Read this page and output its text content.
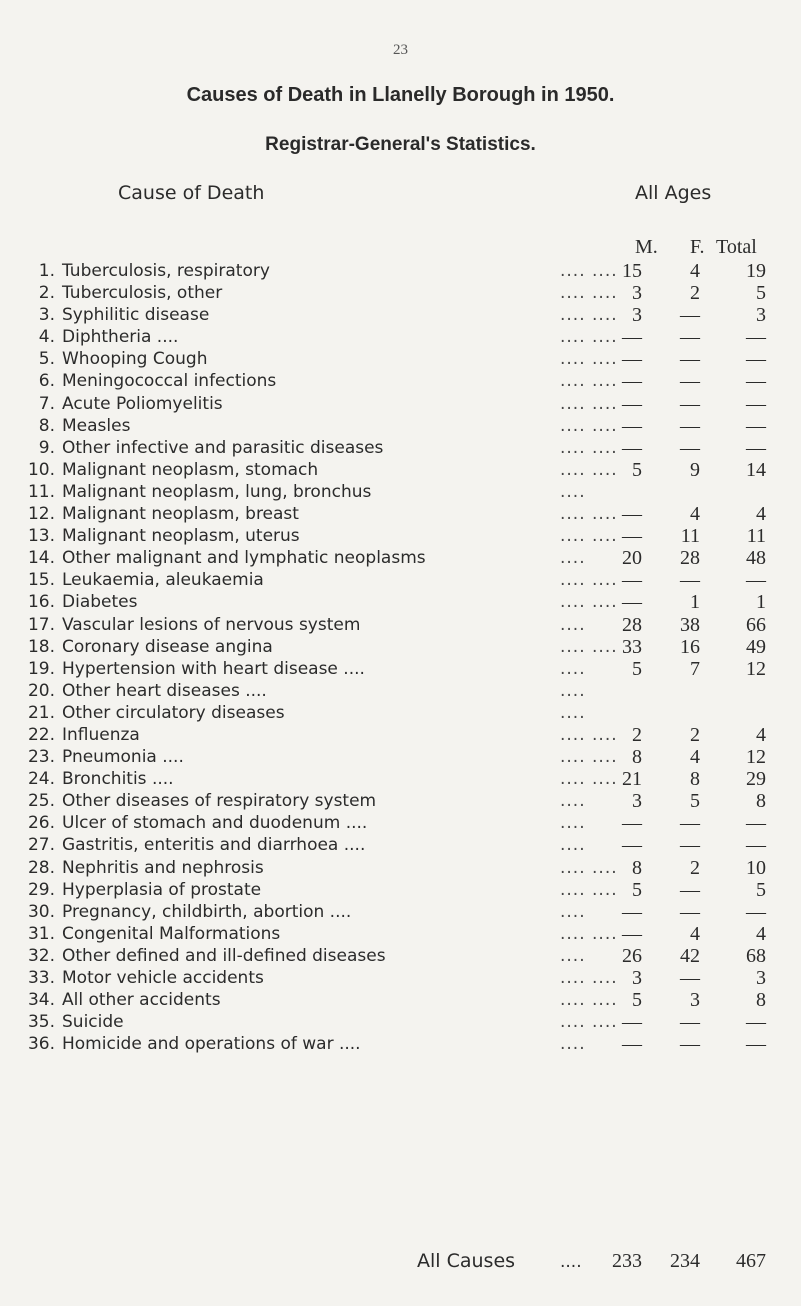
23
Causes of Death in Llanelly Borough in 1950.
Registrar-General's Statistics.
Cause of Death	All Ages
M. F. Total
1. Tuberculosis, respiratory	.... .... 15	4	19
2. Tuberculosis, other	.... .... 3	2	5
3. Syphilitic disease	.... .... 3	—	3
4. Diphtheria ....	.... .... —	—	—
5. Whooping Cough	.... .... —	—	—
6. Meningococcal infections	.... .... —	—	—
7. Acute Poliomyelitis	.... .... —	—	—
8. Measles	.... .... —	—	—
9. Other infective and parasitic diseases	.... .... —	—	—
10. Malignant neoplasm, stomach	.... .... 5	9	14
11. Malignant neoplasm, lung, bronchus	....
12. Malignant neoplasm, breast	.... .... —	4	4
13. Malignant neoplasm, uterus	.... .... —	11	11
14. Other malignant and lymphatic neoplasms	....	20	28	48
15. Leukaemia, aleukaemia	.... .... —	—	—
16. Diabetes	.... .... —	1	1
17. Vascular lesions of nervous system	....	28	38	66
18. Coronary disease angina	.... .... 33	16	49
19. Hypertension with heart disease ....	....	5	7	12
20. Other heart diseases ....	....
21. Other circulatory diseases	....
22. Influenza	.... .... 2	2	4
23. Pneumonia ....	.... .... 8	4	12
24. Bronchitis ....	.... .... 21	8	29
25. Other diseases of respiratory system	....	3	5	8
26. Ulcer of stomach and duodenum ....	....	—	—	—
27. Gastritis, enteritis and diarrhoea ....	....	—	—	—
28. Nephritis and nephrosis	.... .... 8	2	10
29. Hyperplasia of prostate	.... .... 5	—	5
30. Pregnancy, childbirth, abortion ....	....	—	—	—
31. Congenital Malformations	.... .... —	4	4
32. Other defined and ill-defined diseases	....	26	42	68
33. Motor vehicle accidents	.... .... 3	—	3
34. All other accidents	.... .... 5	3	8
35. Suicide	.... .... —	—	—
36. Homicide and operations of war ....	....	—	—	—
All Causes	....	233	234	467
